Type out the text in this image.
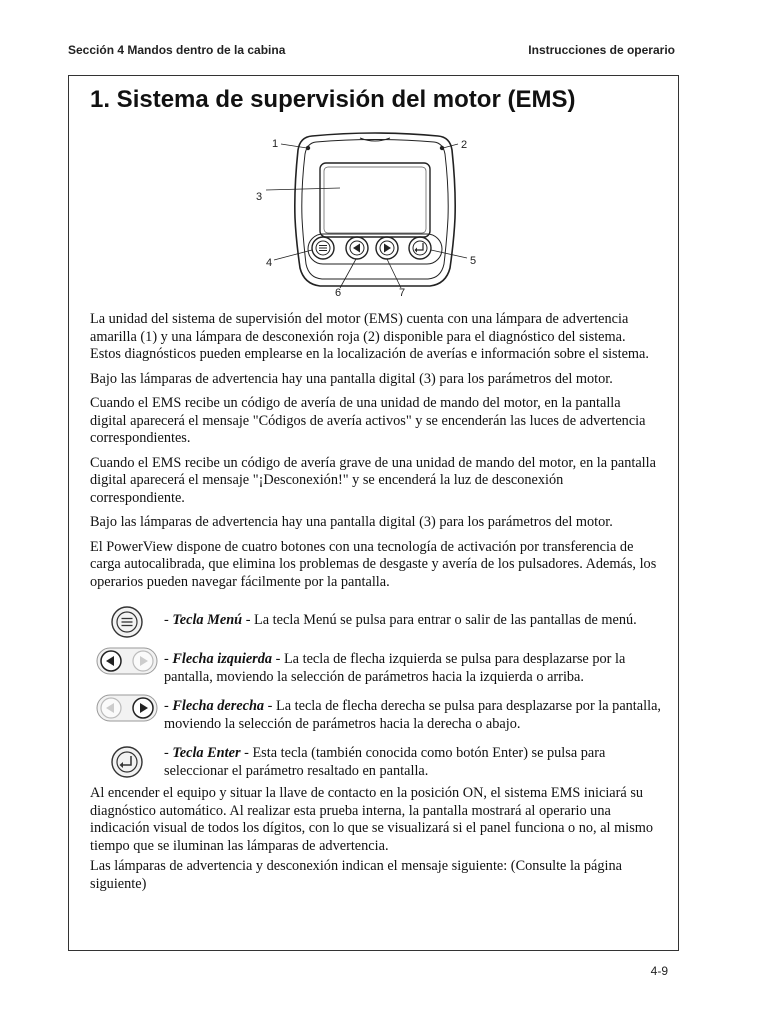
Sección 4 Mandos dentro de la cabina	Instrucciones de operario
1. Sistema de supervisión del motor (EMS)
1	2
3
4	5
6	7

La unidad del sistema de supervisión del motor (EMS) cuenta con una lámpara de advertencia amarilla (1) y una lámpara de desconexión roja (2) disponible para el diagnóstico del sistema. Estos diagnósticos pueden emplearse en la localización de averías e información sobre el sistema.

Bajo las lámparas de advertencia hay una pantalla digital (3) para los parámetros del motor.

Cuando el EMS recibe un código de avería de una unidad de mando del motor, en la pantalla digital aparecerá el mensaje "Códigos de avería activos" y se encenderán las luces de advertencia correspondientes.

Cuando el EMS recibe un código de avería grave de una unidad de mando del motor, en la pantalla digital aparecerá el mensaje "¡Desconexión!" y se encenderá la luz de desconexión correspondiente.

Bajo las lámparas de advertencia hay una pantalla digital (3) para los parámetros del motor.

El PowerView dispone de cuatro botones con una tecnología de activación por transferencia de carga autocalibrada, que elimina los problemas de desgaste y avería de los pulsadores. Además, los operarios pueden navegar fácilmente por la pantalla.

- Tecla Menú - La tecla Menú se pulsa para entrar o salir de las pantallas de menú.
- Flecha izquierda - La tecla de flecha izquierda se pulsa para desplazarse por la pantalla, moviendo la selección de parámetros hacia la izquierda o arriba.
- Flecha derecha - La tecla de flecha derecha se pulsa para desplazarse por la pantalla, moviendo la selección de parámetros hacia la derecha o abajo.
- Tecla Enter - Esta tecla (también conocida como botón Enter) se pulsa para seleccionar el parámetro resaltado en pantalla.

Al encender el equipo y situar la llave de contacto en la posición ON, el sistema EMS iniciará su diagnóstico automático. Al realizar esta prueba interna, la pantalla mostrará al operario una indicación visual de todos los dígitos, con lo que se visualizará si el panel funciona o no, al mismo tiempo que se iluminan las lámparas de advertencia.

Las lámparas de advertencia y desconexión indican el mensaje siguiente: (Consulte la página siguiente)

4-9
